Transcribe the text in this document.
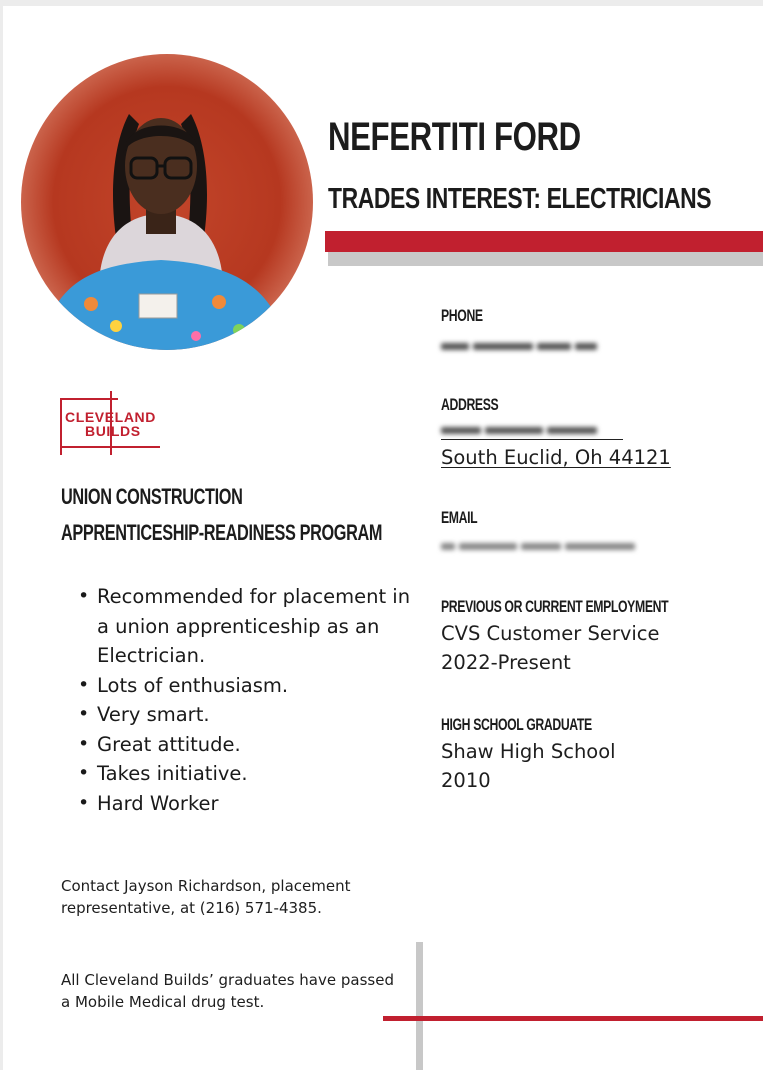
NEFERTITI FORD
TRADES INTEREST: ELECTRICIANS
CLEVELAND
BUILDS

UNION CONSTRUCTION

APPRENTICESHIP-READINESS PROGRAM

• Recommended for placement in a union apprenticeship as an Electrician.
• Lots of enthusiasm.
• Very smart.
• Great attitude.
• Takes initiative.
• Hard Worker

Contact Jayson Richardson, placement representative, at (216) 571-4385.

All Cleveland Builds’ graduates have passed a Mobile Medical drug test.

PHONE

ADDRESS

South Euclid, Oh 44121

EMAIL

PREVIOUS OR CURRENT EMPLOYMENT

CVS Customer Service

2022-Present

HIGH SCHOOL GRADUATE

Shaw High School

2010
